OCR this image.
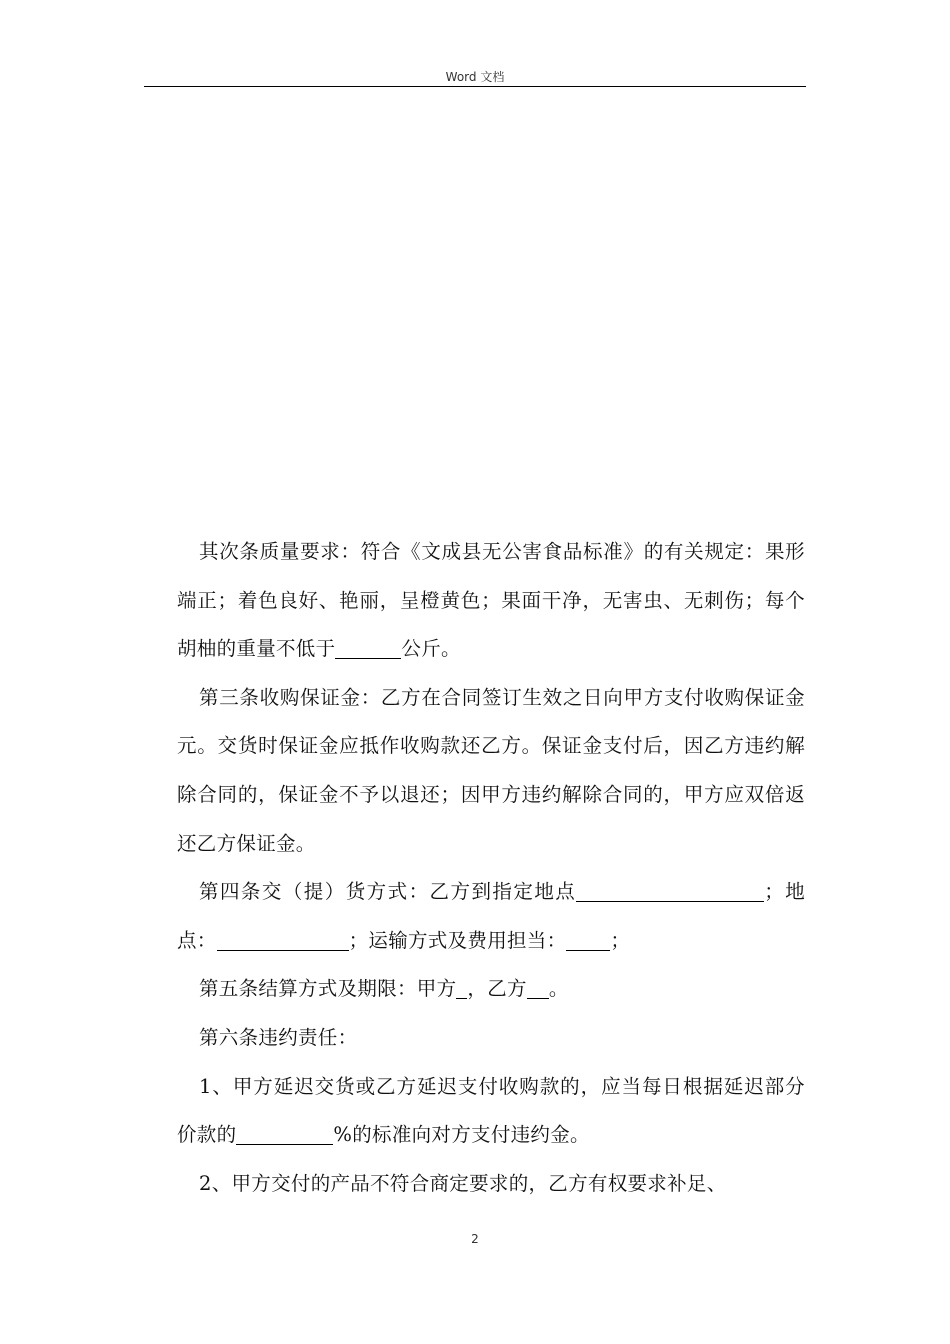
Word 文档

其次条质量要求：符合《文成县无公害食品标准》的有关规定：果形端正；着色良好、艳丽，呈橙黄色；果面干净，无害虫、无刺伤；每个胡柚的重量不低于	公斤。

第三条收购保证金：乙方在合同签订生效之日向甲方支付收购保证金元。交货时保证金应抵作收购款还乙方。保证金支付后，因乙方违约解除合同的，保证金不予以退还；因甲方违约解除合同的，甲方应双倍返还乙方保证金。

第四条交（提）货方式：乙方到指定地点	；地点：	；运输方式及费用担当： ；

第五条结算方式及期限：甲方 ，乙方 。

第六条违约责任：

1、甲方延迟交货或乙方延迟支付收购款的，应当每日根据延迟部分价款的	%的标准向对方支付违约金。

2、甲方交付的产品不符合商定要求的，乙方有权要求补足、

2
